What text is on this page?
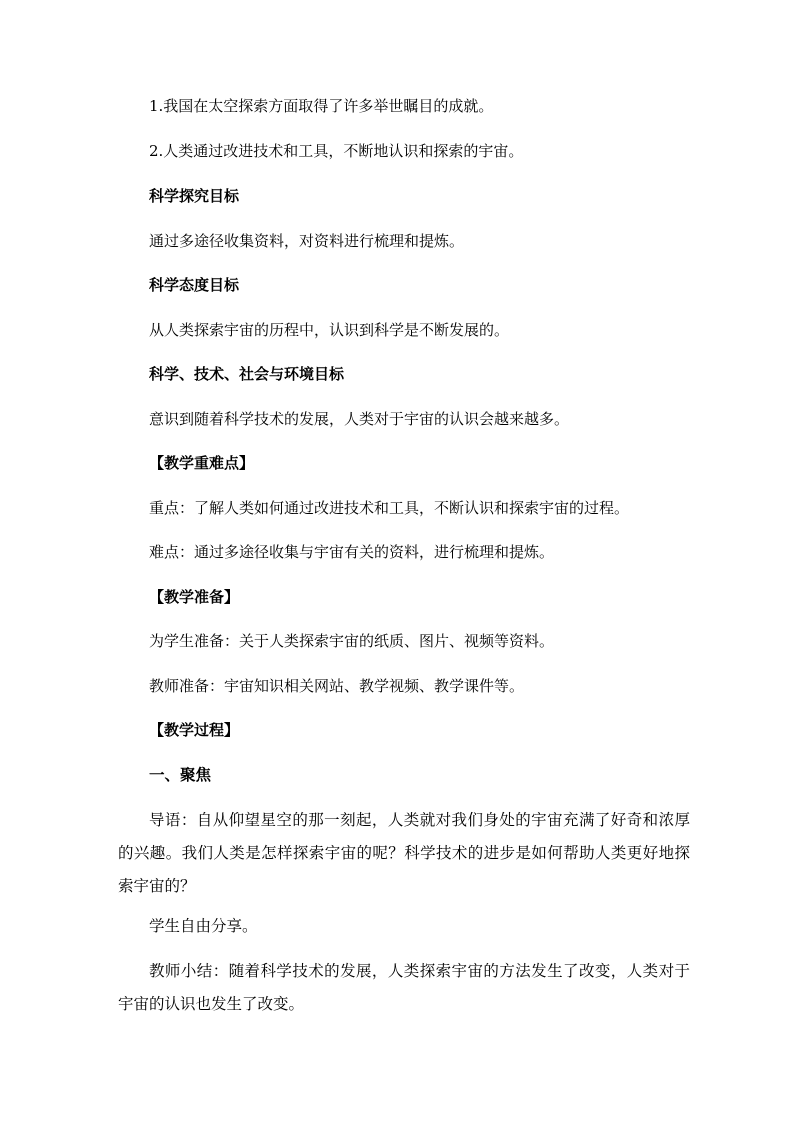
1.我国在太空探索方面取得了许多举世瞩目的成就。
2.人类通过改进技术和工具，不断地认识和探索的宇宙。
科学探究目标
通过多途径收集资料，对资料进行梳理和提炼。
科学态度目标
从人类探索宇宙的历程中，认识到科学是不断发展的。
科学、技术、社会与环境目标
意识到随着科学技术的发展，人类对于宇宙的认识会越来越多。
【教学重难点】
重点：了解人类如何通过改进技术和工具，不断认识和探索宇宙的过程。
难点：通过多途径收集与宇宙有关的资料，进行梳理和提炼。
【教学准备】
为学生准备：关于人类探索宇宙的纸质、图片、视频等资料。
教师准备：宇宙知识相关网站、教学视频、教学课件等。
【教学过程】
一、聚焦
导语：自从仰望星空的那一刻起，人类就对我们身处的宇宙充满了好奇和浓厚的兴趣。我们人类是怎样探索宇宙的呢？科学技术的进步是如何帮助人类更好地探索宇宙的？
学生自由分享。
教师小结：随着科学技术的发展，人类探索宇宙的方法发生了改变，人类对于宇宙的认识也发生了改变。
